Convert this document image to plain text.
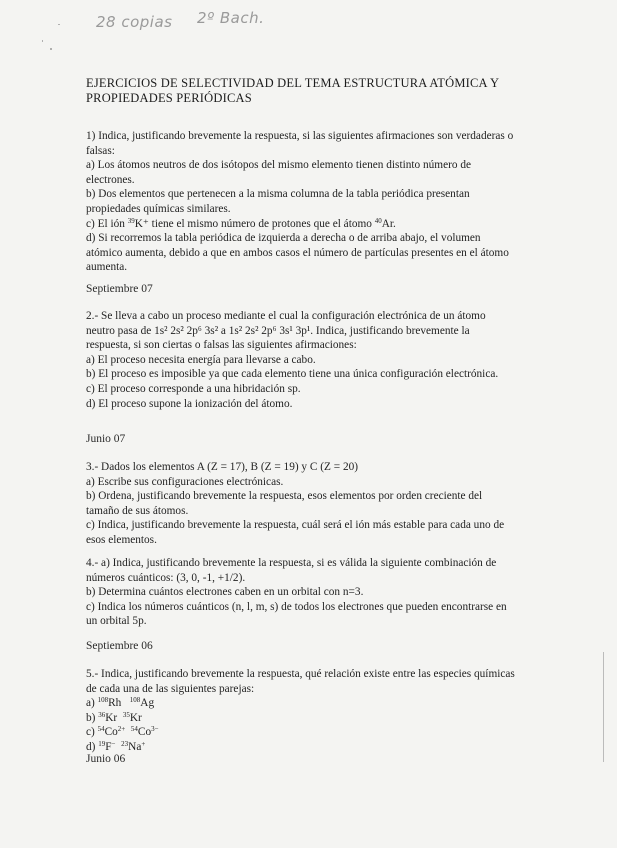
28 copias 2º Bach.
EJERCICIOS DE SELECTIVIDAD DEL TEMA ESTRUCTURA ATÓMICA Y PROPIEDADES PERIÓDICAS

1) Indica, justificando brevemente la respuesta, si las siguientes afirmaciones son verdaderas o falsas:

a) Los átomos neutros de dos isótopos del mismo elemento tienen distinto número de electrones.

b) Dos elementos que pertenecen a la misma columna de la tabla periódica presentan propiedades químicas similares.

c) El ión $^{39}$K⁺ tiene el mismo número de protones que el átomo $^{40}$Ar.

d) Si recorremos la tabla periódica de izquierda a derecha o de arriba abajo, el volumen atómico aumenta, debido a que en ambos casos el número de partículas presentes en el átomo aumenta.

Septiembre 07

2.- Se lleva a cabo un proceso mediante el cual la configuración electrónica de un átomo neutro pasa de 1s² 2s² 2p⁶ 3s² a 1s² 2s² 2p⁶ 3s¹ 3p¹. Indica, justificando brevemente la respuesta, si son ciertas o falsas las siguientes afirmaciones:

a) El proceso necesita energía para llevarse a cabo.

b) El proceso es imposible ya que cada elemento tiene una única configuración electrónica.

c) El proceso corresponde a una hibridación sp.

d) El proceso supone la ionización del átomo.

Junio 07

3.- Dados los elementos A (Z = 17), B (Z = 19) y C (Z = 20)

a) Escribe sus configuraciones electrónicas.

b) Ordena, justificando brevemente la respuesta, esos elementos por orden creciente del tamaño de sus átomos.

c) Indica, justificando brevemente la respuesta, cuál será el ión más estable para cada uno de esos elementos.

4.- a) Indica, justificando brevemente la respuesta, si es válida la siguiente combinación de números cuánticos: (3, 0, -1, +1/2).

b) Determina cuántos electrones caben en un orbital con n=3.

c) Indica los números cuánticos (n, l, m, s) de todos los electrones que pueden encontrarse en un orbital 5p.

Septiembre 06

5.- Indica, justificando brevemente la respuesta, qué relación existe entre las especies químicas de cada una de las siguientes parejas:

a) $^{108}$Rh $^{108}$Ag

b) $^{36}$Kr $^{35}$Kr

c) $^{54}Co^{2+}$ $^{54}Co^{3-}$

d) $^{19}$F− $^{23}$Na+

Junio 06
